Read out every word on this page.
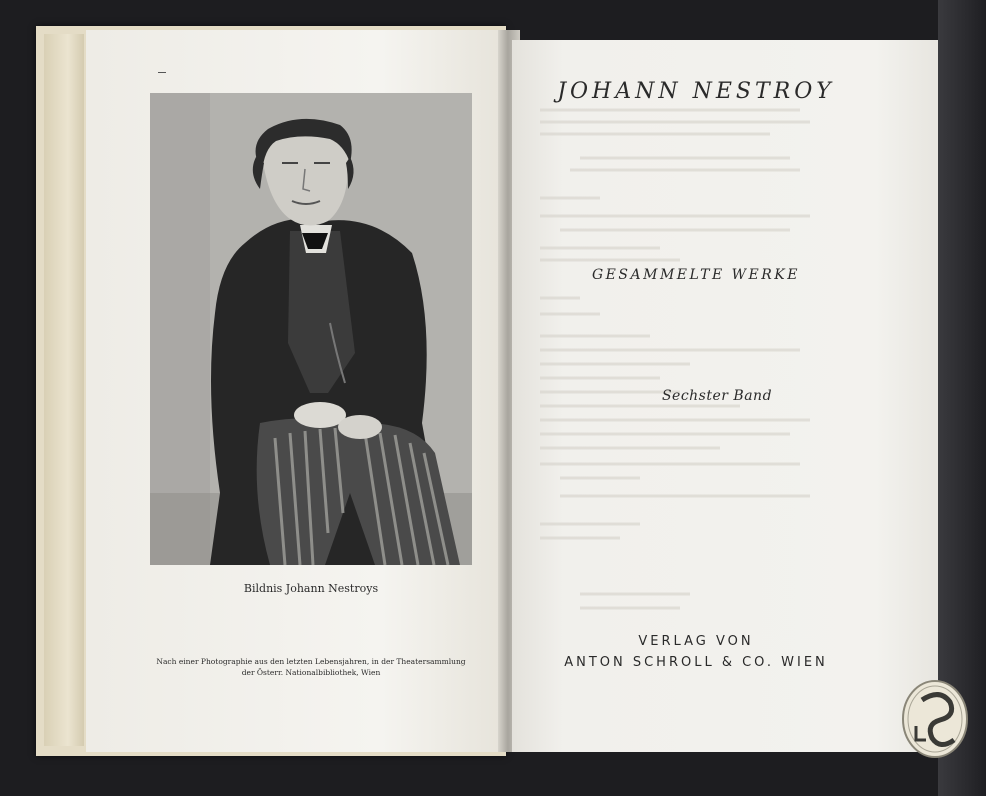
Bildnis Johann Nestroys
Nach einer Photographie aus den letzten Lebensjahren, in der Theatersammlung
der Österr. Nationalbibliothek, Wien
JOHANN NESTROY
GESAMMELTE WERKE
Sechster Band
VERLAG VON
ANTON SCHROLL & CO. WIEN
